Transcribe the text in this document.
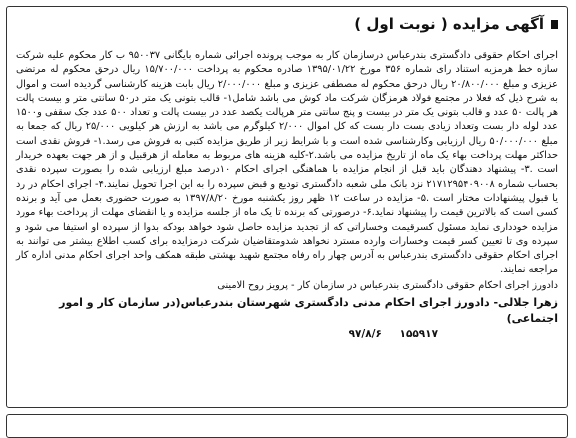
آگهی مزایده ( نوبت اول )
اجرای احکام حقوقی دادگستری بندرعباس درسازمان کار به موجب پرونده اجرائی شماره بایگانی ۹۵۰۰۳۷ ب کار محکوم علیه شرکت سازه خط هرمزبه استناد رای شماره ۳۵۶ مورخ ۱۳۹۵/۰۱/۲۲ صادره محکوم به پرداخت ۱۵/۷۰۰/۰۰۰ ریال درحق محکوم له مرتضی عزیزی و مبلغ ۲۰/۸۰۰/۰۰۰ ریال درحق محکوم له مصطفی عزیزی و مبلغ ۲/۰۰۰/۰۰۰ ریال بابت هزینه کارشناسی گردیده است و اموال به شرح ذیل که فعلا در مجتمع فولاد هرمزگان شرکت ماد کوش می باشد شامل۱- قالب بتونی یک متر در۵۰ سانتی متر و بیست پالت هر پالت ۵۰ عدد و قالب بتونی یک متر در بیست و پنج سانتی متر هرپالت یکصد عدد در بیست پالت و تعداد ۵۰۰ عدد جک سقفی و۱۵۰۰ عدد لوله دار بست وتعداد زیادی بست دار بست که کل اموال ۲/۰۰۰ کیلوگرم می باشد به ارزش هر کیلویی ۲۵/۰۰۰ ریال که جمعا به مبلغ ۵۰/۰۰۰/۰۰۰ ریال ارزیابی وکارشناسی شده است و با شرایط زیر از طریق مزایده کتبی به فروش می رسد.۱- فروش نقدی است حداکثر مهلت پرداخت بهاء یک ماه از تاریخ مزایده می باشد.۲-کلیه هزینه های مربوط به معامله از هرقبیل و از هر جهت بعهده خریدار است .۳- پیشنهاد دهندگان باید قبل از انجام مزایده با هماهنگی اجرای احکام ۱۰درصد مبلغ ارزیابی شده را بصورت سپرده نقدی بحساب شماره ۲۱۷۱۲۹۵۴۰۹۰۰۸ نزد بانک ملی شعبه دادگستری تودیع و قبض سپرده را به این اجرا تحویل نمایند.۴- اجرای احکام در رد یا قبول پیشنهادات مختار است .۵- مزایده در ساعت ۱۲ ظهر روز یکشنبه مورخ ۱۳۹۷/۸/۲۰ به صورت حضوری بعمل می آید و برنده کسی است که بالاترین قیمت را پیشنهاد نماید.۶- درصورتی که برنده تا یک ماه از جلسه مزایده و یا انقضای مهلت از پرداخت بهاء مورد مزایده خودداری نماید مسئول کسرقیمت وخساراتی که از تجدید مزایده حاصل شود خواهد بودکه بدوا از سپرده او استیفا می شود و سپرده وی تا تعیین کسر قیمت وخسارات وارده مسترد نخواهد شدومتقاضیان شرکت درمزایده برای کسب اطلاع بیشتر می توانند به اجرای احکام حقوقی دادگستری بندرعباس به آدرس چهار راه رفاه مجتمع شهید بهشتی طبقه همکف واحد اجرای احکام مدنی اداره کار مراجعه نمایند.
دادورز اجرای احکام حقوقی دادگستری بندرعباس در سازمان کار - پرویز روح الامینی
زهرا جلالی- دادورز اجرای احکام مدنی دادگستری شهرستان بندرعباس(در سازمان کار و امور اجتماعی)
۱۵۵۹۱۷ ۹۷/۸/۶
